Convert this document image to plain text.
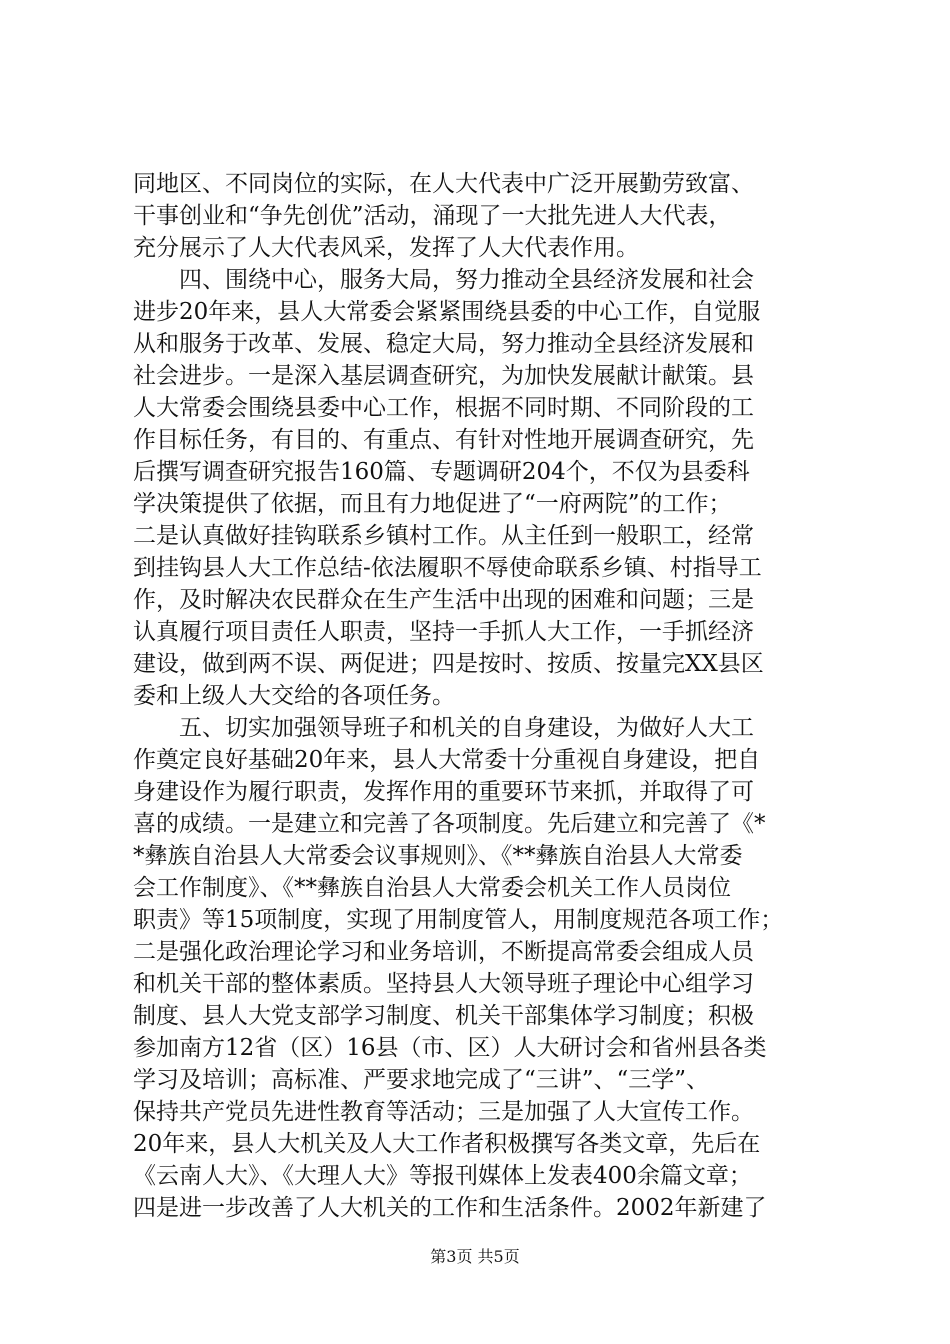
同地区、不同岗位的实际，在人大代表中广泛开展勤劳致富、
干事创业和“争先创优”活动，涌现了一大批先进人大代表，
充分展示了人大代表风采，发挥了人大代表作用。
　　四、围绕中心，服务大局，努力推动全县经济发展和社会
进步20年来，县人大常委会紧紧围绕县委的中心工作，自觉服
从和服务于改革、发展、稳定大局，努力推动全县经济发展和
社会进步。一是深入基层调查研究，为加快发展献计献策。县
人大常委会围绕县委中心工作，根据不同时期、不同阶段的工
作目标任务，有目的、有重点、有针对性地开展调查研究，先
后撰写调查研究报告160篇、专题调研204个，不仅为县委科
学决策提供了依据，而且有力地促进了“一府两院”的工作；
二是认真做好挂钩联系乡镇村工作。从主任到一般职工，经常
到挂钩县人大工作总结-依法履职不辱使命联系乡镇、村指导工
作，及时解决农民群众在生产生活中出现的困难和问题；三是
认真履行项目责任人职责，坚持一手抓人大工作，一手抓经济
建设，做到两不误、两促进；四是按时、按质、按量完XX县区
委和上级人大交给的各项任务。
　　五、切实加强领导班子和机关的自身建设，为做好人大工
作奠定良好基础20年来，县人大常委十分重视自身建设，把自
身建设作为履行职责，发挥作用的重要环节来抓，并取得了可
喜的成绩。一是建立和完善了各项制度。先后建立和完善了《*
*彝族自治县人大常委会议事规则》、《**彝族自治县人大常委
会工作制度》、《**彝族自治县人大常委会机关工作人员岗位
职责》等15项制度，实现了用制度管人，用制度规范各项工作；
二是强化政治理论学习和业务培训，不断提高常委会组成人员
和机关干部的整体素质。坚持县人大领导班子理论中心组学习
制度、县人大党支部学习制度、机关干部集体学习制度；积极
参加南方12省（区）16县（市、区）人大研讨会和省州县各类
学习及培训；高标准、严要求地完成了“三讲”、“三学”、
保持共产党员先进性教育等活动；三是加强了人大宣传工作。
20年来，县人大机关及人大工作者积极撰写各类文章，先后在
《云南人大》、《大理人大》等报刊媒体上发表400余篇文章；
四是进一步改善了人大机关的工作和生活条件。2002年新建了
第3页 共5页
